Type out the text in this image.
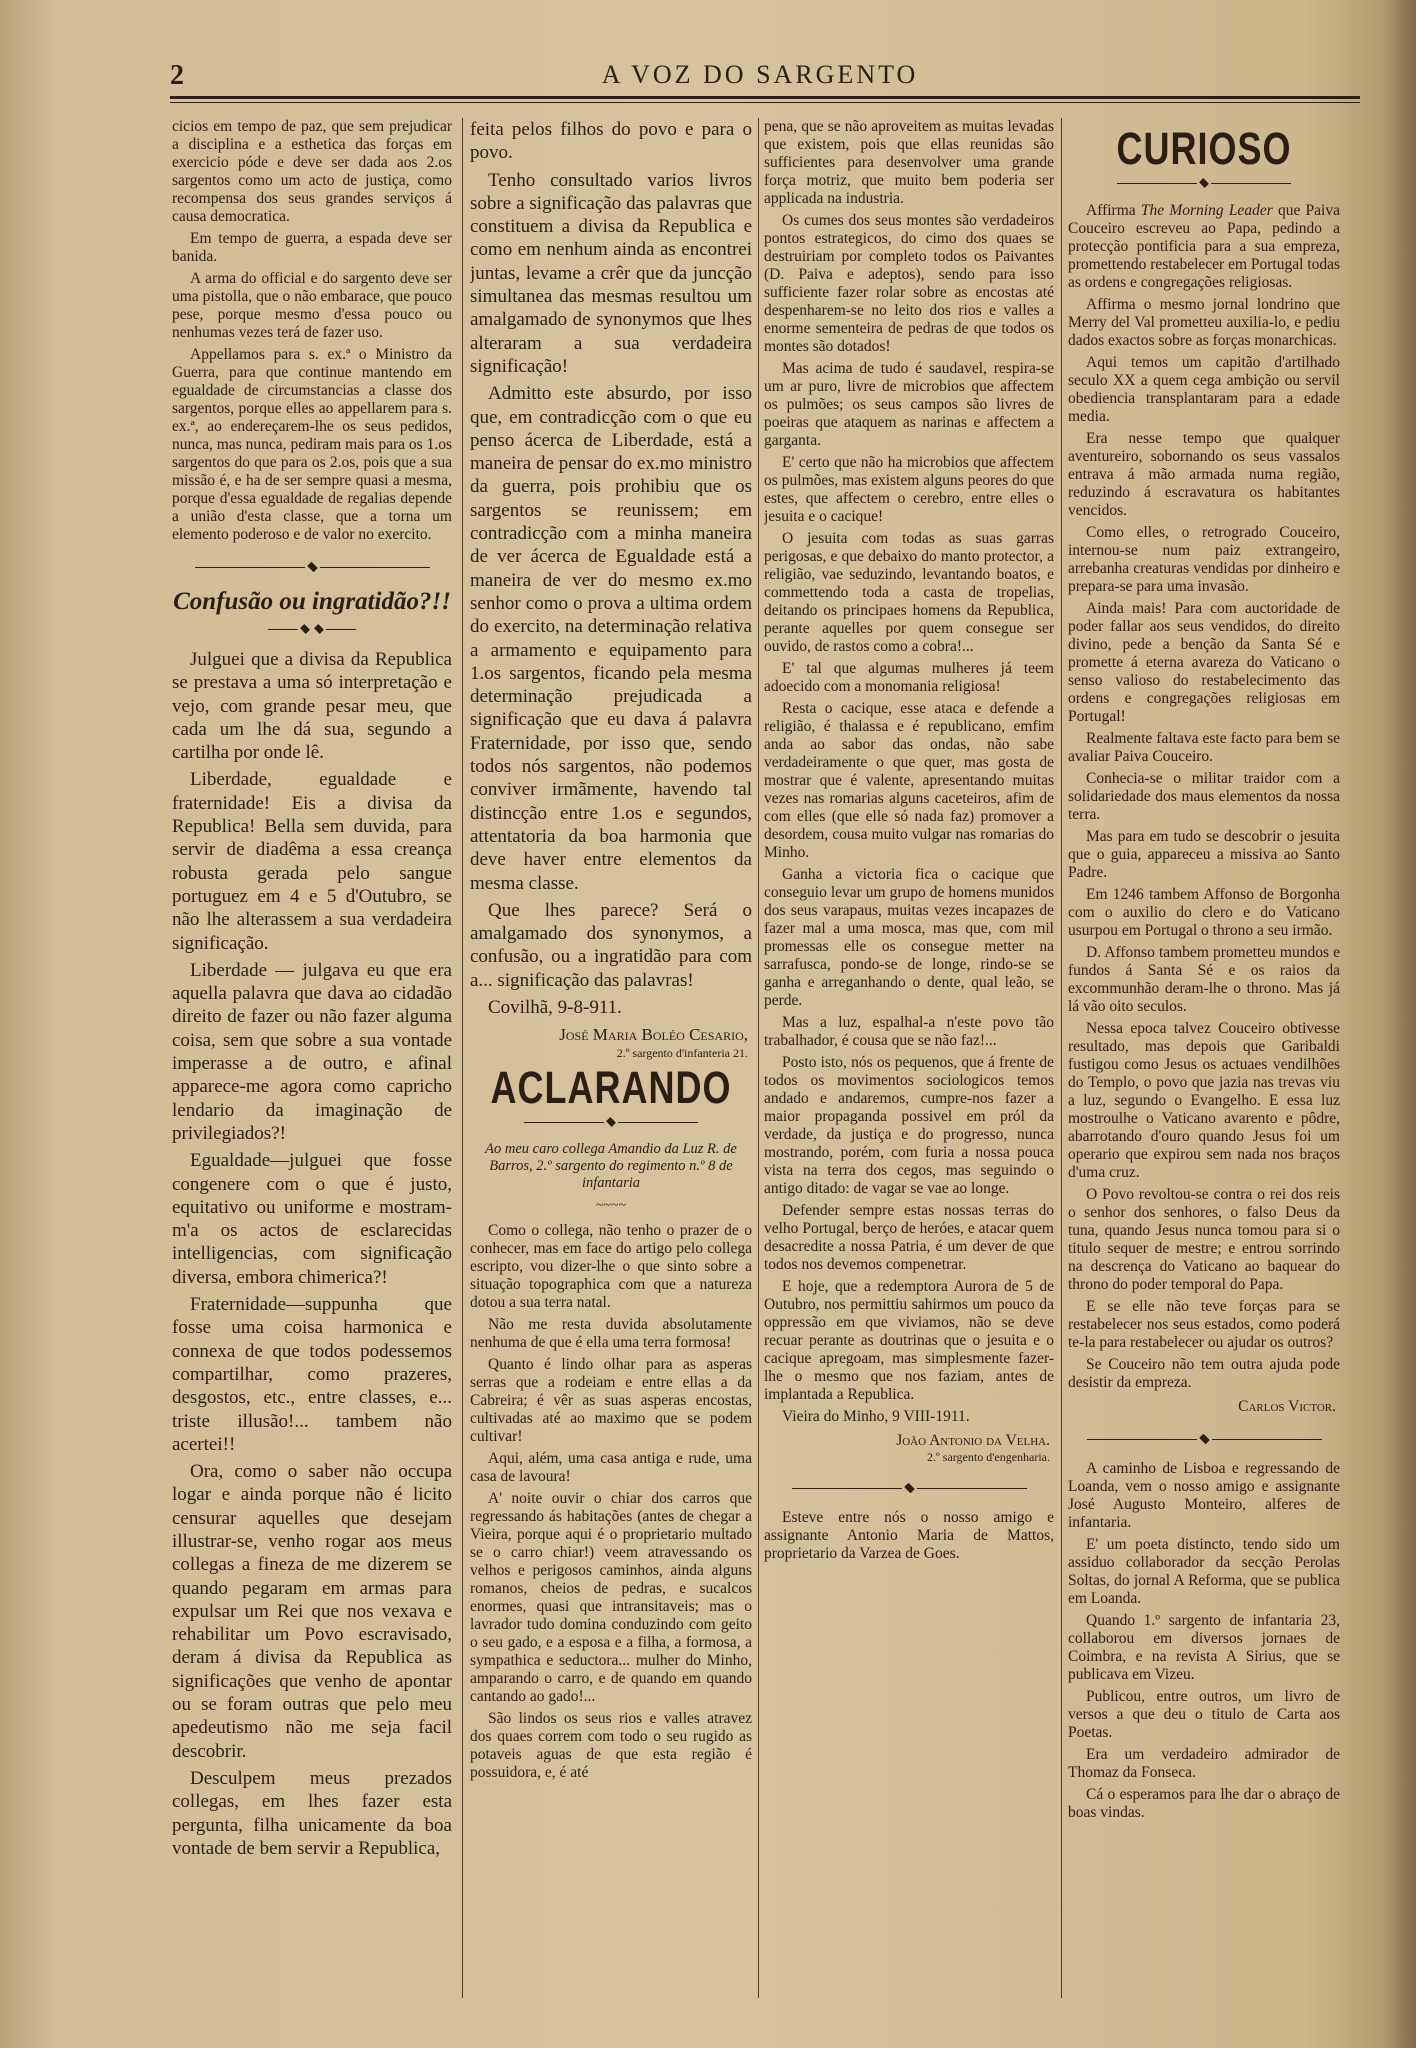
2	A VOZ DO SARGENTO

cicios em tempo de paz, que sem prejudicar a disciplina e a esthetica das forças em exercicio póde e deve ser dada aos 2.os sargentos como um acto de justiça, como recompensa dos seus grandes serviços á causa democratica.

Em tempo de guerra, a espada deve ser banida.

A arma do official e do sargento deve ser uma pistolla, que o não embarace, que pouco pese, porque mesmo d'essa pouco ou nenhumas vezes terá de fazer uso.

Appellamos para s. ex.ª o Ministro da Guerra, para que continue mantendo em egualdade de circumstancias a classe dos sargentos, porque elles ao appellarem para s. ex.ª, ao endereçarem-lhe os seus pedidos, nunca, mas nunca, pediram mais para os 1.os sargentos do que para os 2.os, pois que a sua missão é, e ha de ser sempre quasi a mesma, porque d'essa egualdade de regalias depende a união d'esta classe, que a torna um elemento poderoso e de valor no exercito.

Confusão ou ingratidão?!!

Julguei que a divisa da Republica se prestava a uma só interpretação e vejo, com grande pesar meu, que cada um lhe dá sua, segundo a cartilha por onde lê.

Liberdade, egualdade e fraternidade! Eis a divisa da Republica! Bella sem duvida, para servir de diadêma a essa creança robusta gerada pelo sangue portuguez em 4 e 5 d'Outubro, se não lhe alterassem a sua verdadeira significação.

Liberdade — julgava eu que era aquella palavra que dava ao cidadão direito de fazer ou não fazer alguma coisa, sem que sobre a sua vontade imperasse a de outro, e afinal apparece-me agora como capricho lendario da imaginação de privilegiados?!

Egualdade—julguei que fosse congenere com o que é justo, equitativo ou uniforme e mostram-m'a os actos de esclarecidas intelligencias, com significação diversa, embora chimerica?!

Fraternidade—suppunha que fosse uma coisa harmonica e connexa de que todos podessemos compartilhar, como prazeres, desgostos, etc., entre classes, e... triste illusão!... tambem não acertei!!

Ora, como o saber não occupa logar e ainda porque não é licito censurar aquelles que desejam illustrar-se, venho rogar aos meus collegas a fineza de me dizerem se quando pegaram em armas para expulsar um Rei que nos vexava e rehabilitar um Povo escravisado, deram á divisa da Republica as significações que venho de apontar ou se foram outras que pelo meu apedeutismo não me seja facil descobrir.

Desculpem meus prezados collegas, em lhes fazer esta pergunta, filha unicamente da boa vontade de bem servir a Republica,

feita pelos filhos do povo e para o povo.

Tenho consultado varios livros sobre a significação das palavras que constituem a divisa da Republica e como em nenhum ainda as encontrei juntas, levame a crêr que da juncção simultanea das mesmas resultou um amalgamado de synonymos que lhes alteraram a sua verdadeira significação!

Admitto este absurdo, por isso que, em contradicção com o que eu penso ácerca de Liberdade, está a maneira de pensar do ex.mo ministro da guerra, pois prohibiu que os sargentos se reunissem; em contradicção com a minha maneira de ver ácerca de Egualdade está a maneira de ver do mesmo ex.mo senhor como o prova a ultima ordem do exercito, na determinação relativa a armamento e equipamento para 1.os sargentos, ficando pela mesma determinação prejudicada a significação que eu dava á palavra Fraternidade, por isso que, sendo todos nós sargentos, não podemos conviver irmãmente, havendo tal distincção entre 1.os e segundos, attentatoria da boa harmonia que deve haver entre elementos da mesma classe.

Que lhes parece? Será o amalgamado dos synonymos, a confusão, ou a ingratidão para com a... significação das palavras!

Covilhã, 9-8-911.

José Maria Boléo Cesario,
2.º sargento d'infanteria 21.
ACLARANDO
Ao meu caro collega Amandio da Luz R. de Barros, 2.º sargento do regimento n.º 8 de infantaria
~~~~

Como o collega, não tenho o prazer de o conhecer, mas em face do artigo pelo collega escripto, vou dizer-lhe o que sinto sobre a situação topographica com que a natureza dotou a sua terra natal.

Não me resta duvida absolutamente nenhuma de que é ella uma terra formosa!

Quanto é lindo olhar para as asperas serras que a rodeiam e entre ellas a da Cabreira; é vêr as suas asperas encostas, cultivadas até ao maximo que se podem cultivar!

Aqui, além, uma casa antiga e rude, uma casa de lavoura!

A' noite ouvir o chiar dos carros que regressando ás habitações (antes de chegar a Vieira, porque aqui é o proprietario multado se o carro chiar!) veem atravessando os velhos e perigosos caminhos, ainda alguns romanos, cheios de pedras, e sucalcos enormes, quasi que intransitaveis; mas o lavrador tudo domina conduzindo com geito o seu gado, e a esposa e a filha, a formosa, a sympathica e seductora... mulher do Minho, amparando o carro, e de quando em quando cantando ao gado!...

São lindos os seus rios e valles atravez dos quaes correm com todo o seu rugido as potaveis aguas de que esta região é possuidora, e, é até

pena, que se não aproveitem as muitas levadas que existem, pois que ellas reunidas são sufficientes para desenvolver uma grande força motriz, que muito bem poderia ser applicada na industria.

Os cumes dos seus montes são verdadeiros pontos estrategicos, do cimo dos quaes se destruiriam por completo todos os Paivantes (D. Paiva e adeptos), sendo para isso sufficiente fazer rolar sobre as encostas até despenharem-se no leito dos rios e valles a enorme sementeira de pedras de que todos os montes são dotados!

Mas acima de tudo é saudavel, respira-se um ar puro, livre de microbios que affectem os pulmões; os seus campos são livres de poeiras que ataquem as narinas e affectem a garganta.

E' certo que não ha microbios que affectem os pulmões, mas existem alguns peores do que estes, que affectem o cerebro, entre elles o jesuita e o cacique!

O jesuita com todas as suas garras perigosas, e que debaixo do manto protector, a religião, vae seduzindo, levantando boatos, e commettendo toda a casta de tropelias, deitando os principaes homens da Republica, perante aquelles por quem consegue ser ouvido, de rastos como a cobra!...

E' tal que algumas mulheres já teem adoecido com a monomania religiosa!

Resta o cacique, esse ataca e defende a religião, é thalassa e é republicano, emfim anda ao sabor das ondas, não sabe verdadeiramente o que quer, mas gosta de mostrar que é valente, apresentando muitas vezes nas romarias alguns caceteiros, afim de com elles (que elle só nada faz) promover a desordem, cousa muito vulgar nas romarias do Minho.

Ganha a victoria fica o cacique que conseguio levar um grupo de homens munidos dos seus varapaus, muitas vezes incapazes de fazer mal a uma mosca, mas que, com mil promessas elle os consegue metter na sarrafusca, pondo-se de longe, rindo-se se ganha e arreganhando o dente, qual leão, se perde.

Mas a luz, espalhal-a n'este povo tão trabalhador, é cousa que se não faz!...

Posto isto, nós os pequenos, que á frente de todos os movimentos sociologicos temos andado e andaremos, cumpre-nos fazer a maior propaganda possivel em pról da verdade, da justiça e do progresso, nunca mostrando, porém, com furia a nossa pouca vista na terra dos cegos, mas seguindo o antigo ditado: de vagar se vae ao longe.

Defender sempre estas nossas terras do velho Portugal, berço de heróes, e atacar quem desacredite a nossa Patria, é um dever de que todos nos devemos compenetrar.

E hoje, que a redemptora Aurora de 5 de Outubro, nos permittiu sahirmos um pouco da oppressão em que viviamos, não se deve recuar perante as doutrinas que o jesuita e o cacique apregoam, mas simplesmente fazer-lhe o mesmo que nos faziam, antes de implantada a Republica.

Vieira do Minho, 9 VIII-1911.

João Antonio da Velha.
2.º sargento d'engenharia.

Esteve entre nós o nosso amigo e assignante Antonio Maria de Mattos, proprietario da Varzea de Goes.

CURIOSO

Affirma The Morning Leader que Paiva Couceiro escreveu ao Papa, pedindo a protecção pontificia para a sua empreza, promettendo restabelecer em Portugal todas as ordens e congregações religiosas.

Affirma o mesmo jornal londrino que Merry del Val prometteu auxilia-lo, e pediu dados exactos sobre as forças monarchicas.

Aqui temos um capitão d'artilhado seculo XX a quem cega ambição ou servil obediencia transplantaram para a edade media.

Era nesse tempo que qualquer aventureiro, sobornando os seus vassalos entrava á mão armada numa região, reduzindo á escravatura os habitantes vencidos.

Como elles, o retrogrado Couceiro, internou-se num paiz extrangeiro, arrebanha creaturas vendidas por dinheiro e prepara-se para uma invasão.

Ainda mais! Para com auctoridade de poder fallar aos seus vendidos, do direito divino, pede a benção da Santa Sé e promette á eterna avareza do Vaticano o senso valioso do restabelecimento das ordens e congregações religiosas em Portugal!

Realmente faltava este facto para bem se avaliar Paiva Couceiro.

Conhecia-se o militar traidor com a solidariedade dos maus elementos da nossa terra.

Mas para em tudo se descobrir o jesuita que o guia, appareceu a missiva ao Santo Padre.

Em 1246 tambem Affonso de Borgonha com o auxilio do clero e do Vaticano usurpou em Portugal o throno a seu irmão.

D. Affonso tambem prometteu mundos e fundos á Santa Sé e os raios da excommunhão deram-lhe o throno. Mas já lá vão oito seculos.

Nessa epoca talvez Couceiro obtivesse resultado, mas depois que Garibaldi fustigou como Jesus os actuaes vendilhões do Templo, o povo que jazia nas trevas viu a luz, segundo o Evangelho. E essa luz mostroulhe o Vaticano avarento e pôdre, abarrotando d'ouro quando Jesus foi um operario que expirou sem nada nos braços d'uma cruz.

O Povo revoltou-se contra o rei dos reis o senhor dos senhores, o falso Deus da tuna, quando Jesus nunca tomou para si o titulo sequer de mestre; e entrou sorrindo na descrença do Vaticano ao baquear do throno do poder temporal do Papa.

E se elle não teve forças para se restabelecer nos seus estados, como poderá te-la para restabelecer ou ajudar os outros?

Se Couceiro não tem outra ajuda pode desistir da empreza.

Carlos Victor.

A caminho de Lisboa e regressando de Loanda, vem o nosso amigo e assignante José Augusto Monteiro, alferes de infantaria.

E' um poeta distincto, tendo sido um assiduo collaborador da secção Perolas Soltas, do jornal A Reforma, que se publica em Loanda.

Quando 1.º sargento de infantaria 23, collaborou em diversos jornaes de Coimbra, e na revista A Sirius, que se publicava em Vizeu.

Publicou, entre outros, um livro de versos a que deu o titulo de Carta aos Poetas.

Era um verdadeiro admirador de Thomaz da Fonseca.

Cá o esperamos para lhe dar o abraço de boas vindas.
